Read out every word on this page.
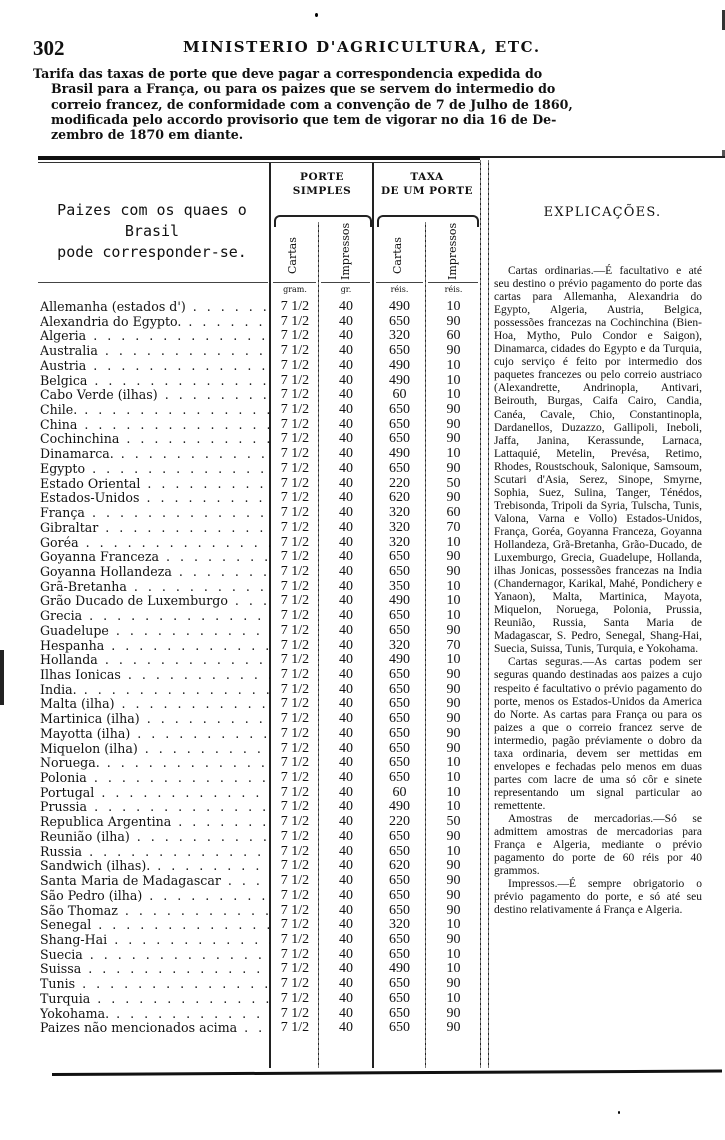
302	MINISTERIO D'AGRICULTURA, ETC.
Tarifa das taxas de porte que deve pagar a correspondencia expedida do
Brasil para a França, ou para os paizes que se servem do intermedio do
correio francez, de conformidade com a convenção de 7 de Julho de 1860,
modificada pelo accordo provisorio que tem de vigorar no dia 16 de De-
zembro de 1870 em diante.
Paizes com os quaes o Brasil
pode corresponder-se.
PORTE
SIMPLES
TAXA
DE UM PORTE
Cartas	Impressos	Cartas	Impressos
gram.	gr.	réis.	réis.
Allemanha (estados d') . . .	7 1/2	40	490	10
Alexandria do Egypto. . . .	7 1/2	40	650	90
Algeria . . .	7 1/2	40	320	60
Australia . . .	7 1/2	40	650	90
Austria . . .	7 1/2	40	490	10
Belgica . . .	7 1/2	40	490	10
Cabo Verde (ilhas) . . .	7 1/2	40	60	10
Chile. . . .	7 1/2	40	650	90
China . . .	7 1/2	40	650	90
Cochinchina . . .	7 1/2	40	650	90
Dinamarca. . . .	7 1/2	40	490	10
Egypto . . .	7 1/2	40	650	90
Estado Oriental . . .	7 1/2	40	220	50
Estados-Unidos . . .	7 1/2	40	620	90
França . . .	7 1/2	40	320	60
Gibraltar . . .	7 1/2	40	320	70
Goréa . . .	7 1/2	40	320	10
Goyanna Franceza . . .	7 1/2	40	650	90
Goyanna Hollandeza . . .	7 1/2	40	650	90
Grã-Bretanha . . .	7 1/2	40	350	10
Grão Ducado de Luxemburgo . . .	7 1/2	40	490	10
Grecia . . .	7 1/2	40	650	10
Guadelupe . . .	7 1/2	40	650	90
Hespanha . . .	7 1/2	40	320	70
Hollanda . . .	7 1/2	40	490	10
Ilhas Ionicas . . .	7 1/2	40	650	90
India. . . .	7 1/2	40	650	90
Malta (ilha) . . .	7 1/2	40	650	90
Martinica (ilha) . . .	7 1/2	40	650	90
Mayotta (ilha) . . .	7 1/2	40	650	90
Miquelon (ilha) . . .	7 1/2	40	650	90
Noruega. . . .	7 1/2	40	650	10
Polonia . . .	7 1/2	40	650	10
Portugal . . .	7 1/2	40	60	10
Prussia . . .	7 1/2	40	490	10
Republica Argentina . . .	7 1/2	40	220	50
Reunião (ilha) . . .	7 1/2	40	650	90
Russia . . .	7 1/2	40	650	10
Sandwich (ilhas). . . .	7 1/2	40	620	90
Santa Maria de Madagascar . . .	7 1/2	40	650	90
São Pedro (ilha) . . .	7 1/2	40	650	90
São Thomaz . . .	7 1/2	40	650	90
Senegal . . .	7 1/2	40	320	10
Shang-Hai . . .	7 1/2	40	650	90
Suecia . . .	7 1/2	40	650	10
Suissa . . .	7 1/2	40	490	10
Tunis . . .	7 1/2	40	650	90
Turquia . . .	7 1/2	40	650	10
Yokohama. . . .	7 1/2	40	650	90
Paizes não mencionados acima . . .	7 1/2	40	650	90
EXPLICAÇÕES.

Cartas ordinarias.—É facultativo e até seu destino o prévio pagamento do porte das cartas para Allemanha, Alexandria do Egypto, Algeria, Austria, Belgica, possessões francezas na Cochinchina (Bien-Hoa, Mytho, Pulo Condor e Saigon), Dinamarca, cidades do Egypto e da Turquia, cujo serviço é feito por intermedio dos paquetes francezes ou pelo correio austriaco (Alexandrette, Andrinopla, Antivari, Beirouth, Burgas, Caifa Cairo, Candia, Canéa, Cavale, Chio, Constantinopla, Dardanellos, Duzazzo, Gallipoli, Ineboli, Jaffa, Janina, Kerassunde, Larnaca, Lattaquié, Metelin, Prevésa, Retimo, Rhodes, Roustschouk, Salonique, Samsoum, Scutari d'Asia, Serez, Sinope, Smyrne, Sophia, Suez, Sulina, Tanger, Ténédos, Trebisonda, Tripoli da Syria, Tulscha, Tunis, Valona, Varna e Vollo) Estados-Unidos, França, Goréa, Goyanna Franceza, Goyanna Hollandeza, Grã-Bretanha, Grão-Ducado, de Luxemburgo, Grecia, Guadelupe, Hollanda, ilhas Jonicas, possessões francezas na India (Chandernagor, Karikal, Mahé, Pondichery e Yanaon), Malta, Martinica, Mayota, Miquelon, Noruega, Polonia, Prussia, Reunião, Russia, Santa Maria de Madagascar, S. Pedro, Senegal, Shang-Hai, Suecia, Suissa, Tunis, Turquia, e Yokohama.

Cartas seguras.—As cartas podem ser seguras quando destinadas aos paizes a cujo respeito é facultativo o prévio pagamento do porte, menos os Estados-Unidos da America do Norte. As cartas para França ou para os paizes a que o correio francez serve de intermedio, pagão préviamente o dobro da taxa ordinaria, devem ser mettidas em envelopes e fechadas pelo menos em duas partes com lacre de uma só côr e sinete representando um signal particular ao remettente.

Amostras de mercadorias.—Só se admittem amostras de mercadorias para França e Algeria, mediante o prévio pagamento do porte de 60 réis por 40 grammos.

Impressos.—É sempre obrigatorio o prévio pagamento do porte, e só até seu destino relativamente á França e Algeria.
